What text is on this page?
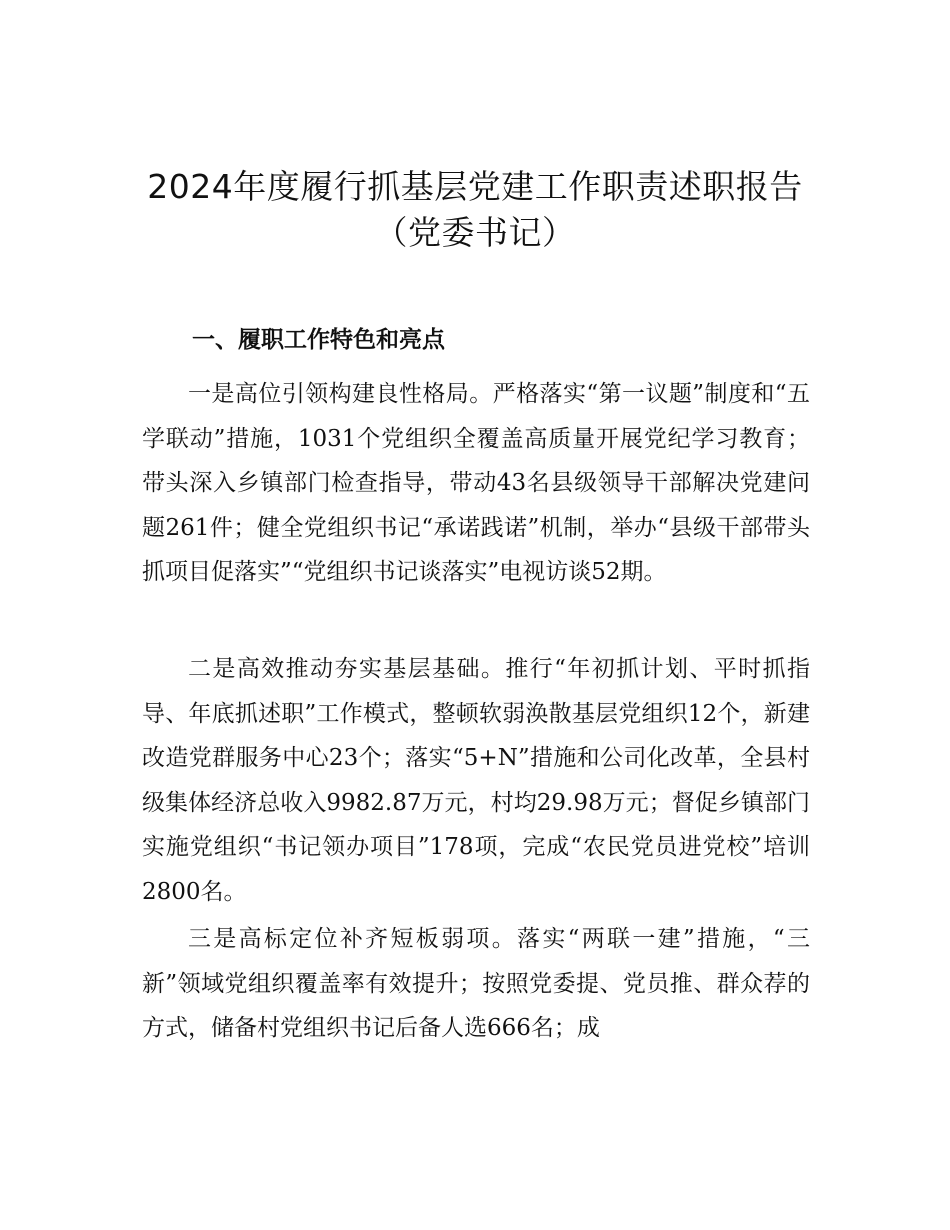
2024年度履行抓基层党建工作职责述职报告
（党委书记）
一、履职工作特色和亮点

一是高位引领构建良性格局。严格落实“第一议题”制度和“五学联动”措施，1031个党组织全覆盖高质量开展党纪学习教育；带头深入乡镇部门检查指导，带动43名县级领导干部解决党建问题261件；健全党组织书记“承诺践诺”机制，举办“县级干部带头抓项目促落实”“党组织书记谈落实”电视访谈52期。

二是高效推动夯实基层基础。推行“年初抓计划、平时抓指导、年底抓述职”工作模式，整顿软弱涣散基层党组织12个，新建改造党群服务中心23个；落实“5+N”措施和公司化改革，全县村级集体经济总收入9982.87万元，村均29.98万元；督促乡镇部门实施党组织“书记领办项目”178项，完成“农民党员进党校”培训2800名。

三是高标定位补齐短板弱项。落实“两联一建”措施，“三新”领域党组织覆盖率有效提升；按照党委提、党员推、群众荐的方式，储备村党组织书记后备人选666名；成
